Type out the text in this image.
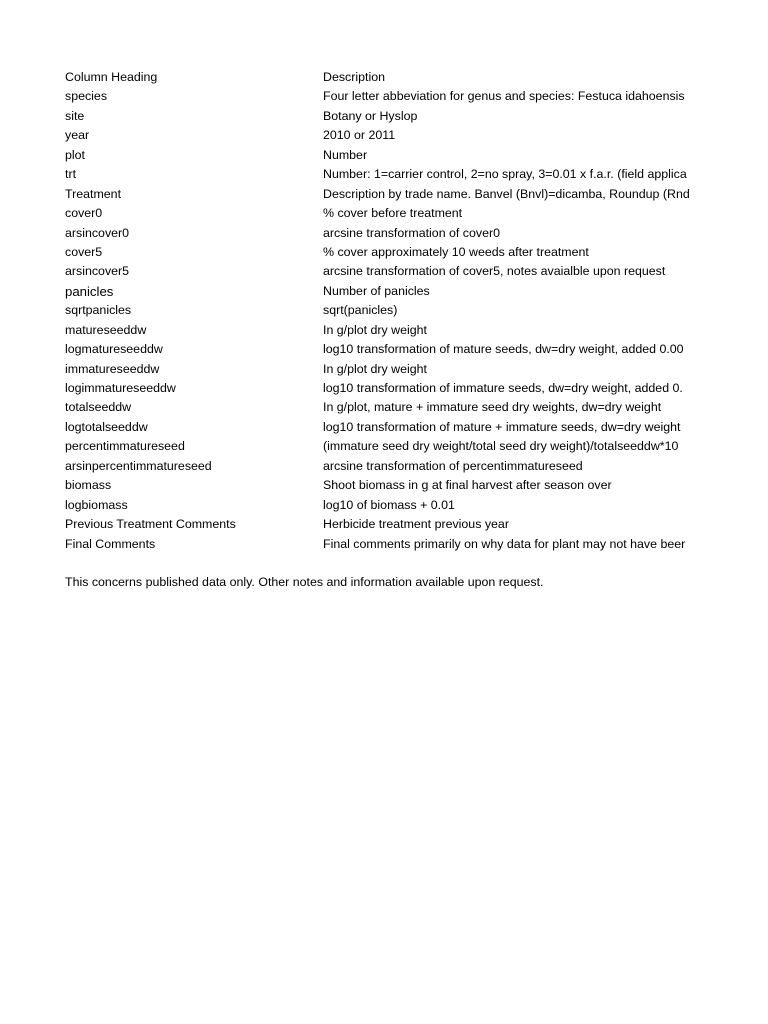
Column Heading	Description
species	Four letter abbeviation for genus and species: Festuca idahoensis
site	Botany or Hyslop
year	2010 or 2011
plot	Number
trt	Number: 1=carrier control, 2=no spray, 3=0.01 x f.a.r. (field applica
Treatment	Description by trade name. Banvel (Bnvl)=dicamba, Roundup (Rnd
cover0	% cover before treatment
arsincover0	arcsine transformation of cover0
cover5	% cover approximately 10 weeds after treatment
arsincover5	arcsine transformation of cover5, notes avaialble upon request
panicles	Number of panicles
sqrtpanicles	sqrt(panicles)
matureseeddw	In g/plot dry weight
logmatureseeddw	log10 transformation of mature seeds, dw=dry weight, added 0.00
immatureseeddw	In g/plot dry weight
logimmatureseeddw	log10 transformation of immature seeds, dw=dry weight, added 0.
totalseeddw	In g/plot, mature + immature seed dry weights, dw=dry weight
logtotalseeddw	log10 transformation of mature + immature seeds, dw=dry weight
percentimmatureseed	(immature seed dry weight/total seed dry weight)/totalseeddw*10
arsinpercentimmatureseed	arcsine transformation of percentimmatureseed
biomass	Shoot biomass in g at final harvest after season over
logbiomass	log10 of biomass + 0.01
Previous Treatment Comments	Herbicide treatment previous year
Final Comments	Final comments primarily on why data for plant may not have beer
This concerns published data only. Other notes and information available upon request.
